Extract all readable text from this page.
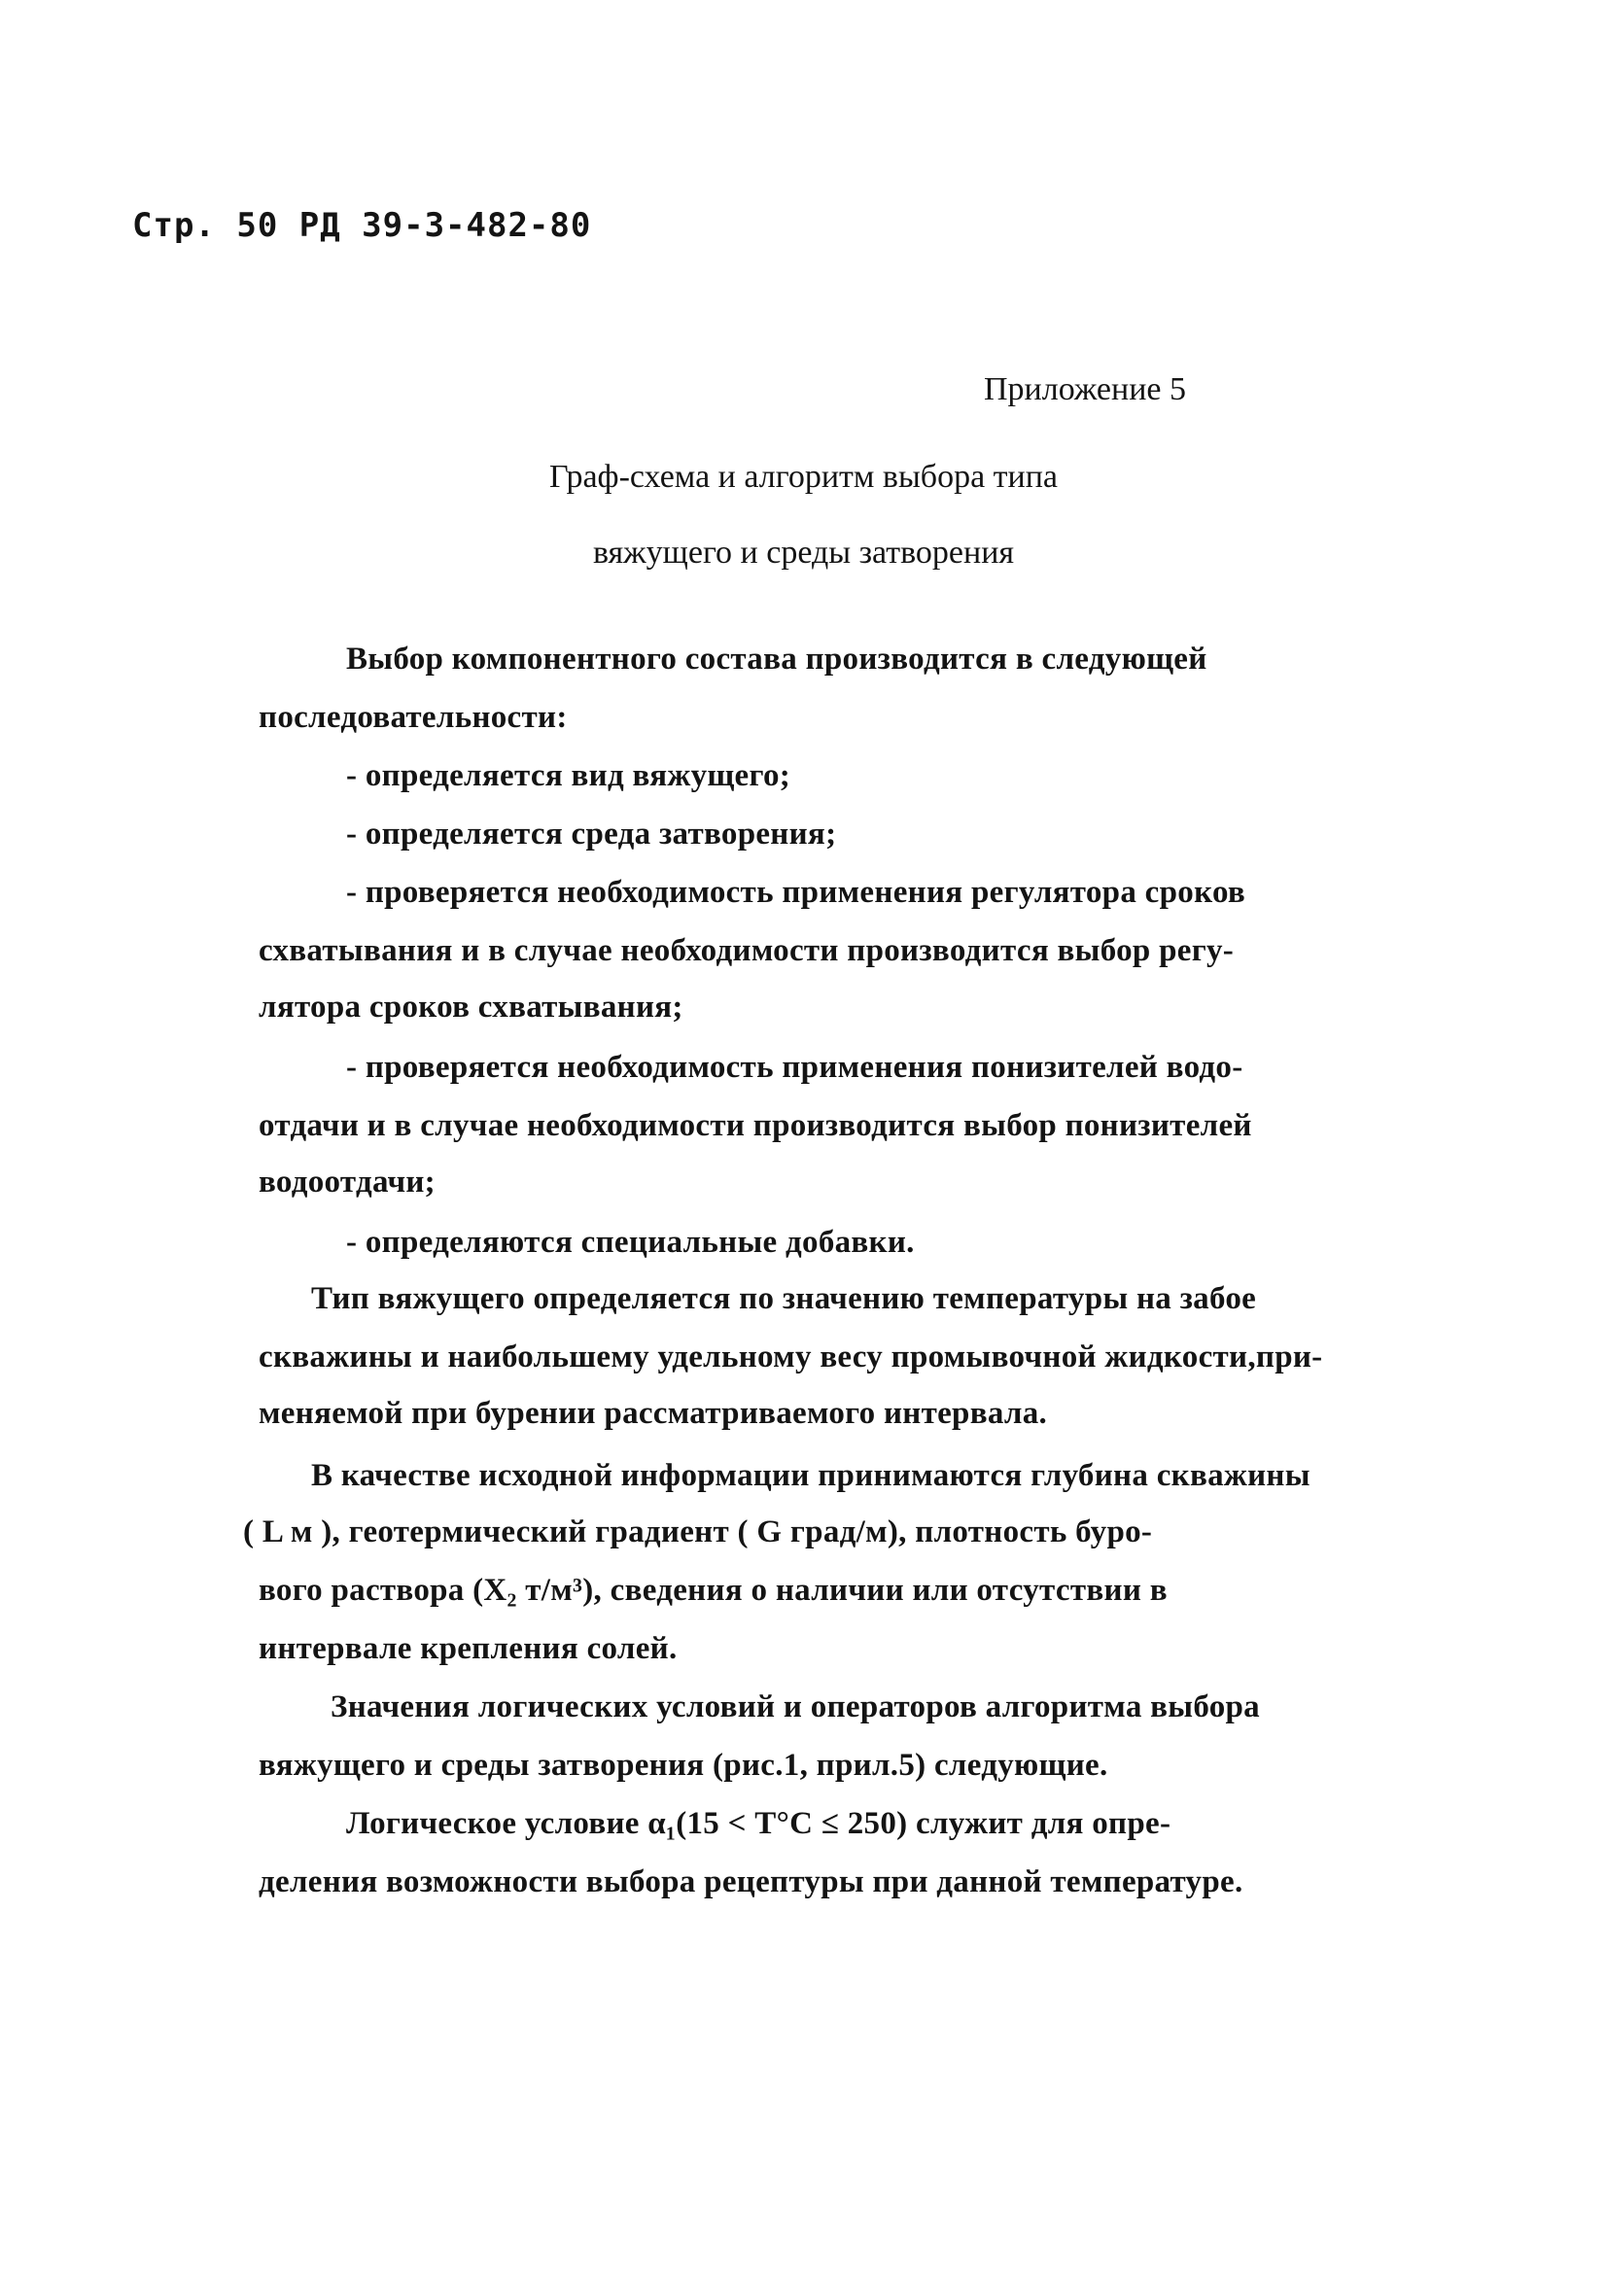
Стр. 50 РД 39-3-482-80
Приложение 5
Граф-схема и алгоритм выбора типа
вяжущего и среды затворения
Выбор компонентного состава производится в следующей
последовательности:
- определяется вид вяжущего;
- определяется среда затворения;
- проверяется необходимость применения регулятора сроков
схватывания и в случае необходимости производится выбор регу-
лятора сроков схватывания;
- проверяется необходимость применения понизителей водо-
отдачи и в случае необходимости производится выбор понизителей
водоотдачи;
- определяются специальные добавки.
Тип вяжущего определяется по значению температуры на забое
скважины и наибольшему удельному весу промывочной жидкости,при-
меняемой при бурении рассматриваемого интервала.
В качестве исходной информации принимаются глубина скважины
( L м ), геотермический градиент ( G град/м), плотность буро-
вого раствора (Х₂ т/м³), сведения о наличии или отсутствии в
интервале крепления солей.
Значения логических условий и операторов алгоритма выбора
вяжущего и среды затворения (рис.1, прил.5) следующие.
Логическое условие α₁(15 < T°C ≤ 250) служит для опре-
деления возможности выбора рецептуры при данной температуре.
